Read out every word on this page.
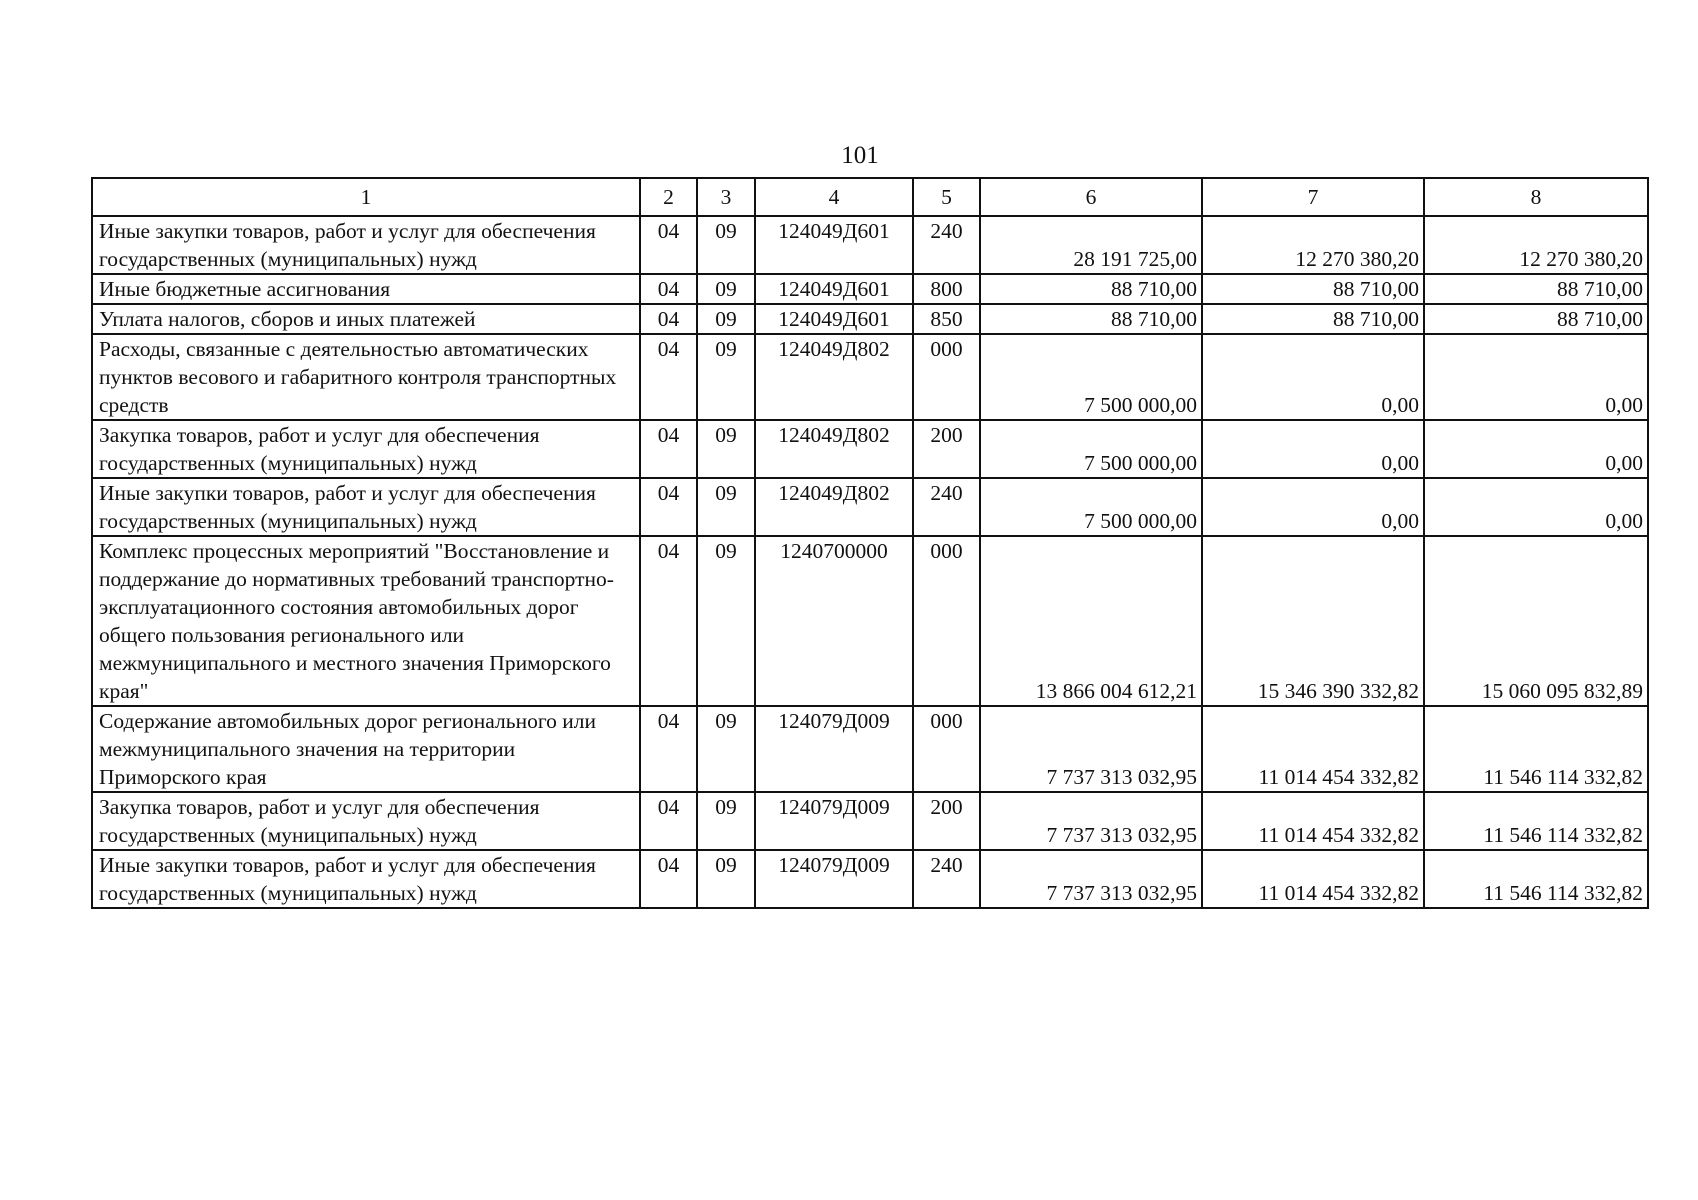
101
1	2	3	4	5	6	7	8
Иные закупки товаров, работ и услуг для обеспечения государственных (муниципальных) нужд	04	09	124049Д601	240	28 191 725,00	12 270 380,20	12 270 380,20
Иные бюджетные ассигнования	04	09	124049Д601	800	88 710,00	88 710,00	88 710,00
Уплата налогов, сборов и иных платежей	04	09	124049Д601	850	88 710,00	88 710,00	88 710,00
Расходы, связанные с деятельностью автоматических пунктов весового и габаритного контроля транспортных средств	04	09	124049Д802	000	7 500 000,00	0,00	0,00
Закупка товаров, работ и услуг для обеспечения государственных (муниципальных) нужд	04	09	124049Д802	200	7 500 000,00	0,00	0,00
Иные закупки товаров, работ и услуг для обеспечения государственных (муниципальных) нужд	04	09	124049Д802	240	7 500 000,00	0,00	0,00
Комплекс процессных мероприятий "Восстановление и поддержание до нормативных требований транспортно-эксплуатационного состояния автомобильных дорог общего пользования регионального или межмуниципального и местного значения Приморского края"	04	09	1240700000	000	13 866 004 612,21	15 346 390 332,82	15 060 095 832,89
Содержание автомобильных дорог регионального или межмуниципального значения на территории Приморского края	04	09	124079Д009	000	7 737 313 032,95	11 014 454 332,82	11 546 114 332,82
Закупка товаров, работ и услуг для обеспечения государственных (муниципальных) нужд	04	09	124079Д009	200	7 737 313 032,95	11 014 454 332,82	11 546 114 332,82
Иные закупки товаров, работ и услуг для обеспечения государственных (муниципальных) нужд	04	09	124079Д009	240	7 737 313 032,95	11 014 454 332,82	11 546 114 332,82
